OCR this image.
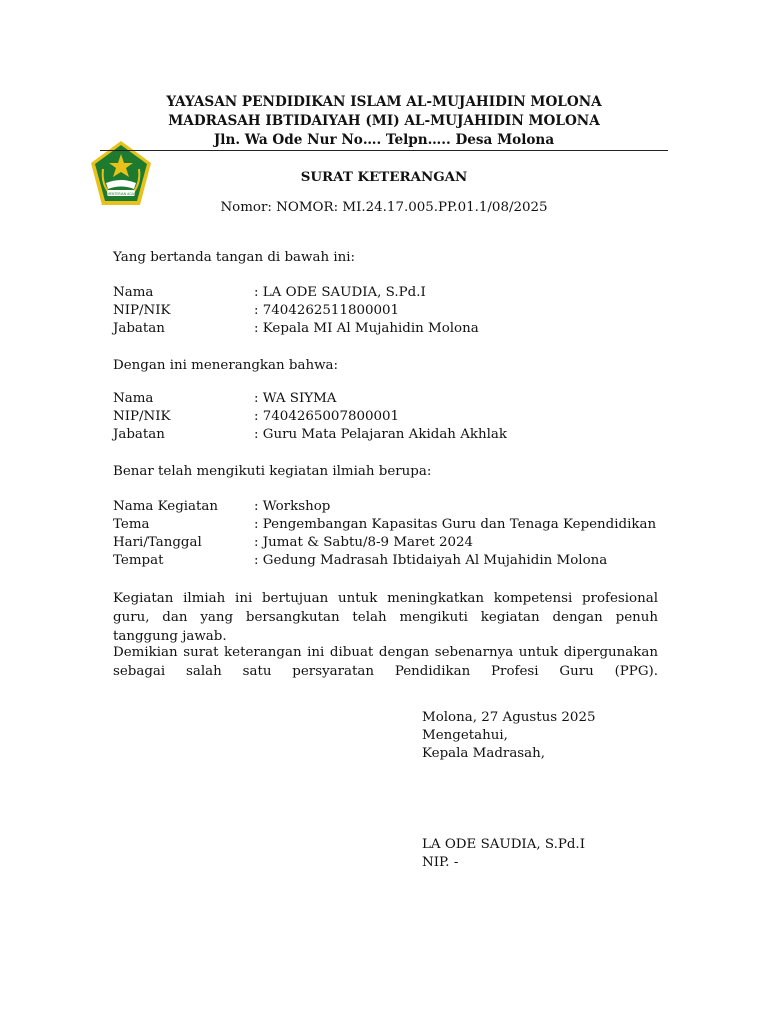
KEMENTERIAN AGAMA
YAYASAN PENDIDIKAN ISLAM AL-MUJAHIDIN MOLONA
MADRASAH IBTIDAIYAH (MI) AL-MUJAHIDIN MOLONA
Jln. Wa Ode Nur No…. Telpn….. Desa Molona
SURAT KETERANGAN
Nomor: NOMOR: MI.24.17.005.PP.01.1/08/2025
Yang bertanda tangan di bawah ini:
Nama	: LA ODE SAUDIA, S.Pd.I
NIP/NIK	: 7404262511800001
Jabatan	: Kepala MI Al Mujahidin Molona
Dengan ini menerangkan bahwa:
Nama	: WA SIYMA
NIP/NIK	: 7404265007800001
Jabatan	: Guru Mata Pelajaran Akidah Akhlak
Benar telah mengikuti kegiatan ilmiah berupa:
Nama Kegiatan	: Workshop
Tema	: Pengembangan Kapasitas Guru dan Tenaga Kependidikan
Hari/Tanggal	: Jumat & Sabtu/8-9 Maret 2024
Tempat	: Gedung Madrasah Ibtidaiyah Al Mujahidin Molona
Kegiatan ilmiah ini bertujuan untuk meningkatkan kompetensi profesional guru, dan yang bersangkutan telah mengikuti kegiatan dengan penuh tanggung jawab.
Demikian surat keterangan ini dibuat dengan sebenarnya untuk dipergunakan sebagai salah satu persyaratan Pendidikan Profesi Guru (PPG).
Molona, 27 Agustus 2025
Mengetahui,
Kepala Madrasah,
LA ODE SAUDIA, S.Pd.I
NIP. -
